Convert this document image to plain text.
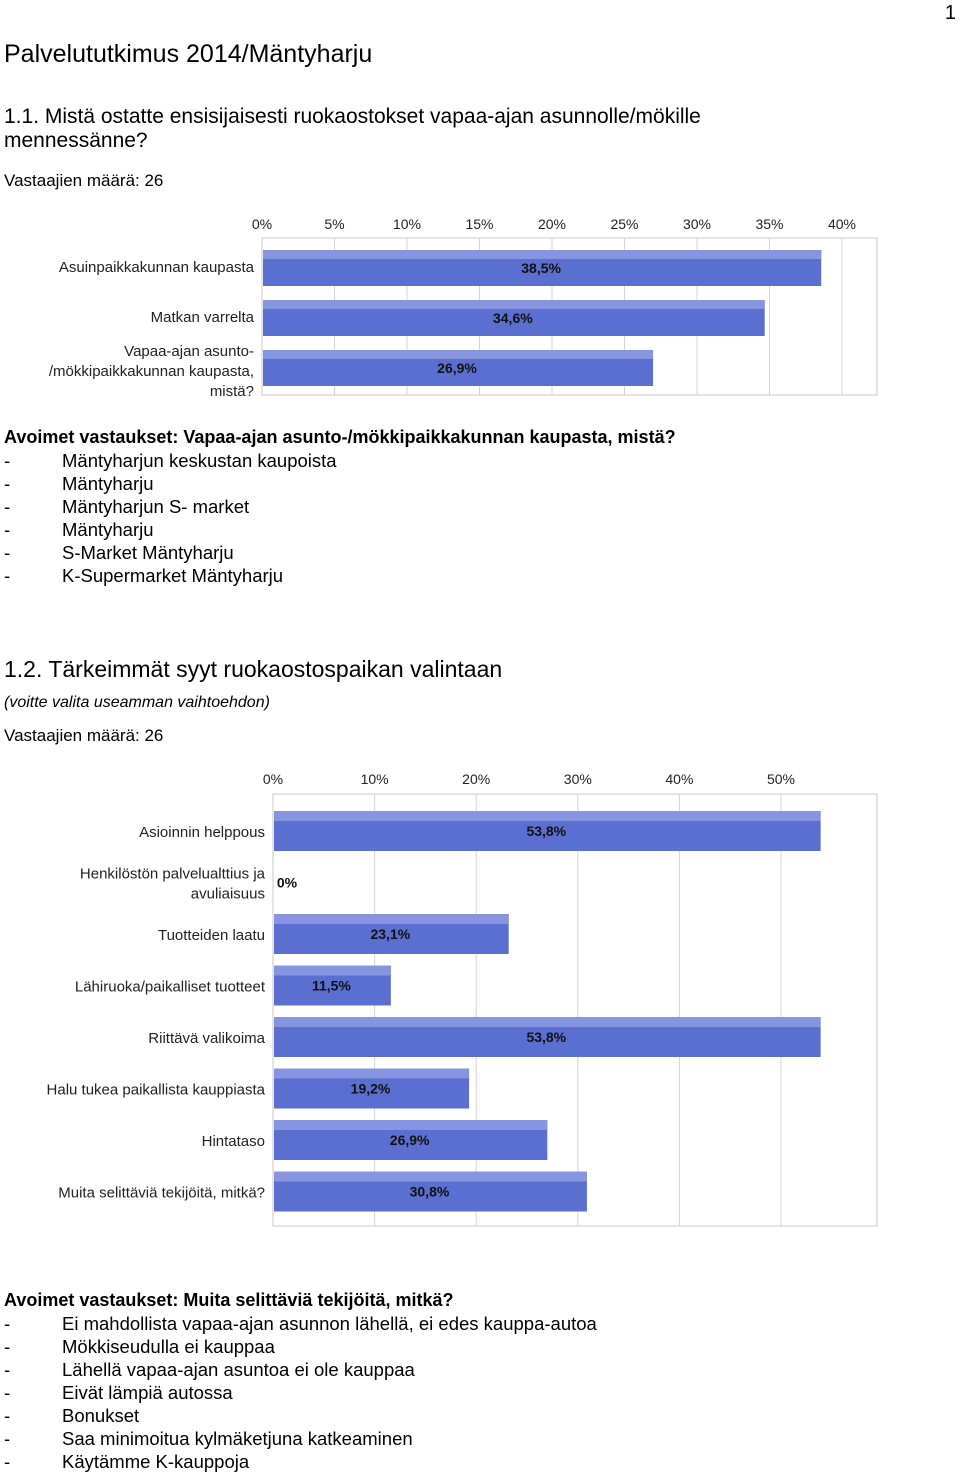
1
Palvelututkimus 2014/Mäntyharju
1.1. Mistä ostatte ensisijaisesti ruokaostokset vapaa-ajan asunnolle/mökille mennessänne?
Vastaajien määrä: 26
0%	5%	10%	15%	20%	25%	30%	35%	40%
38,5%
Asuinpaikkakunnan kaupasta
34,6%
Matkan varrelta
26,9%
Vapaa-ajan asunto-
/mökkipaikkakunnan kaupasta,
mistä?
Avoimet vastaukset: Vapaa-ajan asunto-/mökkipaikkakunnan kaupasta, mistä?
-	Mäntyharjun keskustan kaupoista
-	Mäntyharju
-	Mäntyharjun S- market
-	Mäntyharju
-	S-Market Mäntyharju
-	K-Supermarket Mäntyharju
1.2. Tärkeimmät syyt ruokaostospaikan valintaan
(voitte valita useamman vaihtoehdon)
Vastaajien määrä: 26
0%	10%	20%	30%	40%	50%
53,8%
Asioinnin helppous
0%
Henkilöstön palvelualttius ja
avuliaisuus
23,1%
Tuotteiden laatu
11,5%
Lähiruoka/paikalliset tuotteet
53,8%
Riittävä valikoima
19,2%
Halu tukea paikallista kauppiasta
26,9%
Hintataso
30,8%
Muita selittäviä tekijöitä, mitkä?
Avoimet vastaukset: Muita selittäviä tekijöitä, mitkä?
-	Ei mahdollista vapaa-ajan asunnon lähellä, ei edes kauppa-autoa
-	Mökkiseudulla ei kauppaa
-	Lähellä vapaa-ajan asuntoa ei ole kauppaa
-	Eivät lämpiä autossa
-	Bonukset
-	Saa minimoitua kylmäketjuna katkeaminen
-	Käytämme K-kauppoja
